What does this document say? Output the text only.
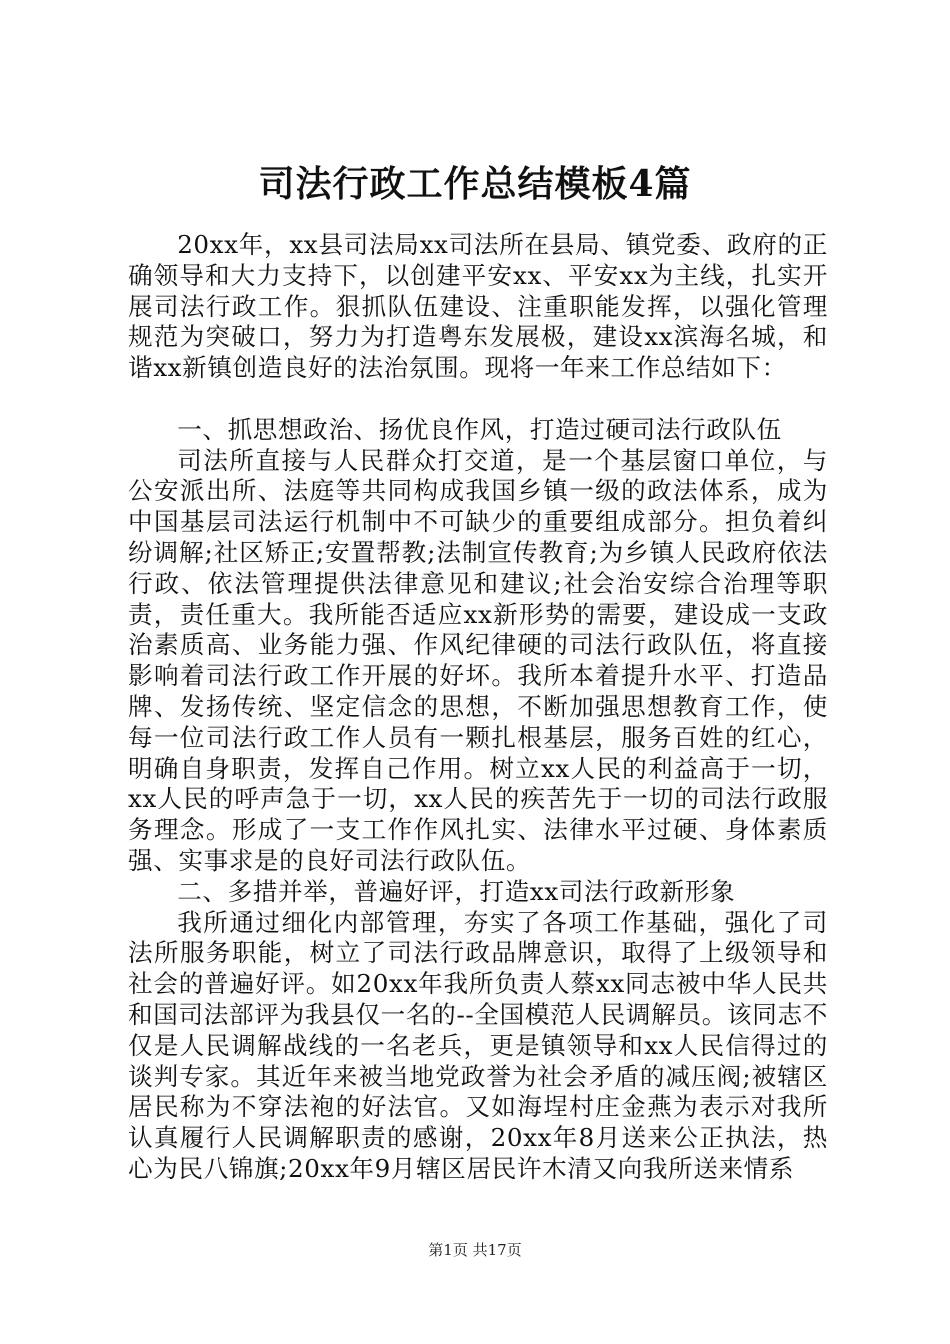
司法行政工作总结模板4篇

20xx年，xx县司法局xx司法所在县局、镇党委、政府的正确领导和大力支持下，以创建平安xx、平安xx为主线，扎实开展司法行政工作。狠抓队伍建设、注重职能发挥，以强化管理规范为突破口，努力为打造粤东发展极，建设xx滨海名城，和谐xx新镇创造良好的法治氛围。现将一年来工作总结如下：

一、抓思想政治、扬优良作风，打造过硬司法行政队伍

司法所直接与人民群众打交道，是一个基层窗口单位，与公安派出所、法庭等共同构成我国乡镇一级的政法体系，成为中国基层司法运行机制中不可缺少的重要组成部分。担负着纠纷调解;社区矫正;安置帮教;法制宣传教育;为乡镇人民政府依法行政、依法管理提供法律意见和建议;社会治安综合治理等职责，责任重大。我所能否适应xx新形势的需要，建设成一支政治素质高、业务能力强、作风纪律硬的司法行政队伍，将直接影响着司法行政工作开展的好坏。我所本着提升水平、打造品牌、发扬传统、坚定信念的思想，不断加强思想教育工作，使每一位司法行政工作人员有一颗扎根基层，服务百姓的红心，明确自身职责，发挥自己作用。树立xx人民的利益高于一切，xx人民的呼声急于一切，xx人民的疾苦先于一切的司法行政服务理念。形成了一支工作作风扎实、法律水平过硬、身体素质强、实事求是的良好司法行政队伍。

二、多措并举，普遍好评，打造xx司法行政新形象

我所通过细化内部管理，夯实了各项工作基础，强化了司法所服务职能，树立了司法行政品牌意识，取得了上级领导和社会的普遍好评。如20xx年我所负责人蔡xx同志被中华人民共和国司法部评为我县仅一名的--全国模范人民调解员。该同志不仅是人民调解战线的一名老兵，更是镇领导和xx人民信得过的谈判专家。其近年来被当地党政誉为社会矛盾的减压阀;被辖区居民称为不穿法袍的好法官。又如海埕村庄金燕为表示对我所认真履行人民调解职责的感谢，20xx年8月送来公正执法，热心为民八锦旗;20xx年9月辖区居民许木清又向我所送来情系

第1页 共17页
